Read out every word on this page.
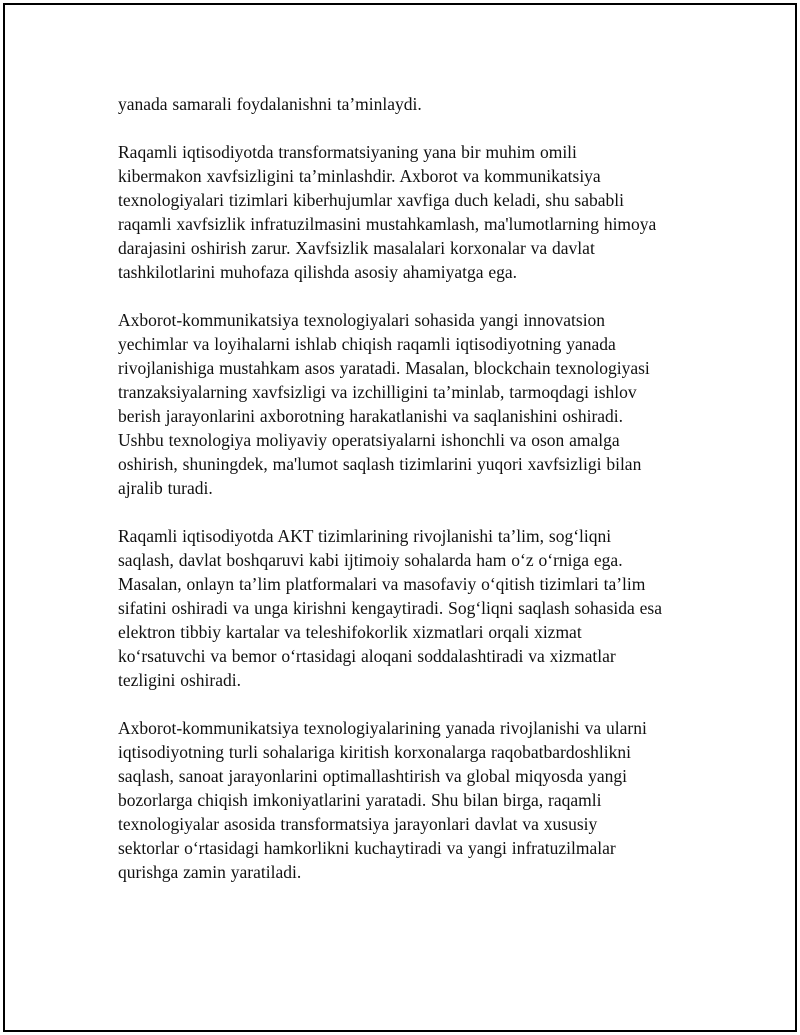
yanada samarali foydalanishni ta’minlaydi.

Raqamli iqtisodiyotda transformatsiyaning yana bir muhim omili
kibermakon xavfsizligini ta’minlashdir. Axborot va kommunikatsiya
texnologiyalari tizimlari kiberhujumlar xavfiga duch keladi, shu sababli
raqamli xavfsizlik infratuzilmasini mustahkamlash, ma'lumotlarning himoya
darajasini oshirish zarur. Xavfsizlik masalalari korxonalar va davlat
tashkilotlarini muhofaza qilishda asosiy ahamiyatga ega.

Axborot-kommunikatsiya texnologiyalari sohasida yangi innovatsion
yechimlar va loyihalarni ishlab chiqish raqamli iqtisodiyotning yanada
rivojlanishiga mustahkam asos yaratadi. Masalan, blockchain texnologiyasi
tranzaksiyalarning xavfsizligi va izchilligini ta’minlab, tarmoqdagi ishlov
berish jarayonlarini axborotning harakatlanishi va saqlanishini oshiradi.
Ushbu texnologiya moliyaviy operatsiyalarni ishonchli va oson amalga
oshirish, shuningdek, ma'lumot saqlash tizimlarini yuqori xavfsizligi bilan
ajralib turadi.

Raqamli iqtisodiyotda AKT tizimlarining rivojlanishi ta’lim, sog‘liqni
saqlash, davlat boshqaruvi kabi ijtimoiy sohalarda ham o‘z o‘rniga ega.
Masalan, onlayn ta’lim platformalari va masofaviy o‘qitish tizimlari ta’lim
sifatini oshiradi va unga kirishni kengaytiradi. Sog‘liqni saqlash sohasida esa
elektron tibbiy kartalar va teleshifokorlik xizmatlari orqali xizmat
ko‘rsatuvchi va bemor o‘rtasidagi aloqani soddalashtiradi va xizmatlar
tezligini oshiradi.

Axborot-kommunikatsiya texnologiyalarining yanada rivojlanishi va ularni
iqtisodiyotning turli sohalariga kiritish korxonalarga raqobatbardoshlikni
saqlash, sanoat jarayonlarini optimallashtirish va global miqyosda yangi
bozorlarga chiqish imkoniyatlarini yaratadi. Shu bilan birga, raqamli
texnologiyalar asosida transformatsiya jarayonlari davlat va xususiy
sektorlar o‘rtasidagi hamkorlikni kuchaytiradi va yangi infratuzilmalar
qurishga zamin yaratiladi.
